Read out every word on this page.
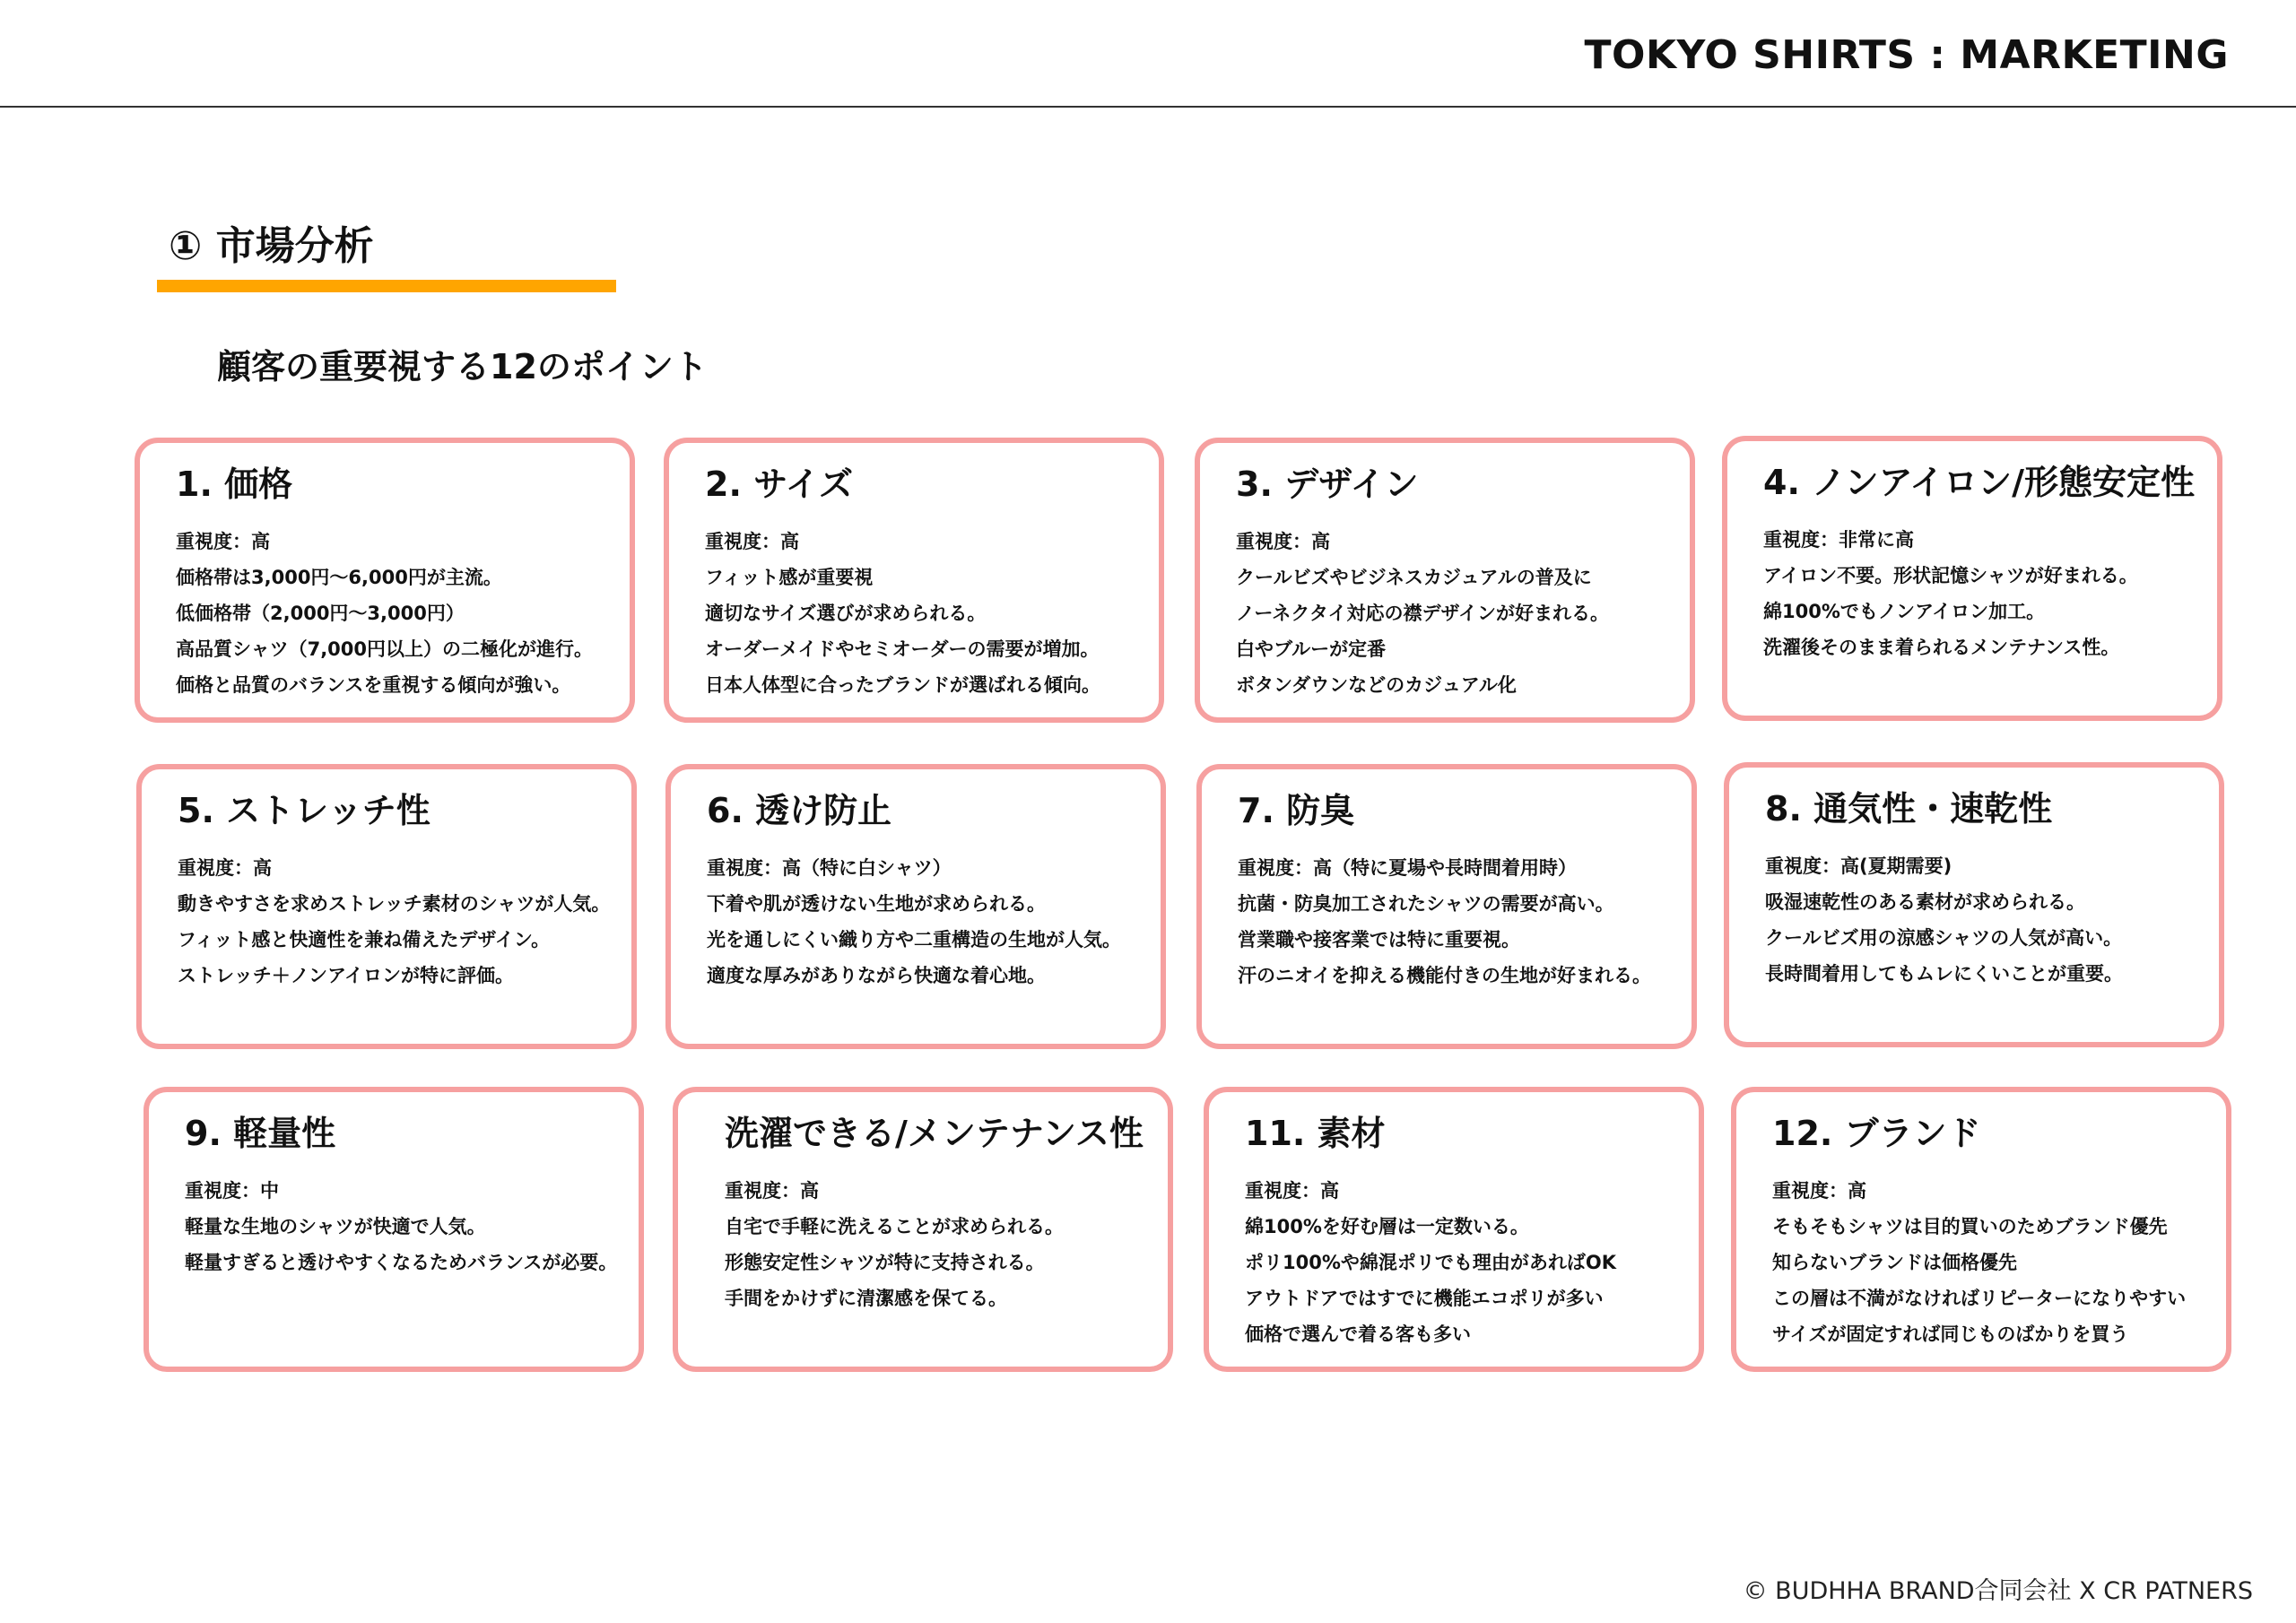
TOKYO SHIRTS : MARKETING
① 市場分析
顧客の重要視する12のポイント
1. 価格
重視度：高
価格帯は3,000円〜6,000円が主流。
低価格帯（2,000円〜3,000円）
高品質シャツ（7,000円以上）の二極化が進行。
価格と品質のバランスを重視する傾向が強い。
2. サイズ
重視度：高
フィット感が重要視
適切なサイズ選びが求められる。
オーダーメイドやセミオーダーの需要が増加。
日本人体型に合ったブランドが選ばれる傾向。
3. デザイン
重視度：高
クールビズやビジネスカジュアルの普及に
ノーネクタイ対応の襟デザインが好まれる。
白やブルーが定番
ボタンダウンなどのカジュアル化
4. ノンアイロン/形態安定性
重視度：非常に高
アイロン不要。形状記憶シャツが好まれる。
綿100%でもノンアイロン加工。
洗濯後そのまま着られるメンテナンス性。
5. ストレッチ性
重視度：高
動きやすさを求めストレッチ素材のシャツが人気。
フィット感と快適性を兼ね備えたデザイン。
ストレッチ＋ノンアイロンが特に評価。
6. 透け防止
重視度：高（特に白シャツ）
下着や肌が透けない生地が求められる。
光を通しにくい織り方や二重構造の生地が人気。
適度な厚みがありながら快適な着心地。
7. 防臭
重視度：高（特に夏場や長時間着用時）
抗菌・防臭加工されたシャツの需要が高い。
営業職や接客業では特に重要視。
汗のニオイを抑える機能付きの生地が好まれる。
8. 通気性・速乾性
重視度：高(夏期需要)
吸湿速乾性のある素材が求められる。
クールビズ用の涼感シャツの人気が高い。
長時間着用してもムレにくいことが重要。
9. 軽量性
重視度：中
軽量な生地のシャツが快適で人気。
軽量すぎると透けやすくなるためバランスが必要。
洗濯できる/メンテナンス性
重視度：高
自宅で手軽に洗えることが求められる。
形態安定性シャツが特に支持される。
手間をかけずに清潔感を保てる。
11. 素材
重視度：高
綿100%を好む層は一定数いる。
ポリ100%や綿混ポリでも理由があればOK
アウトドアではすでに機能エコポリが多い
価格で選んで着る客も多い
12. ブランド
重視度：高
そもそもシャツは目的買いのためブランド優先
知らないブランドは価格優先
この層は不満がなければリピーターになりやすい
サイズが固定すれば同じものばかりを買う
© BUDHHA BRAND合同会社 X CR PATNERS
